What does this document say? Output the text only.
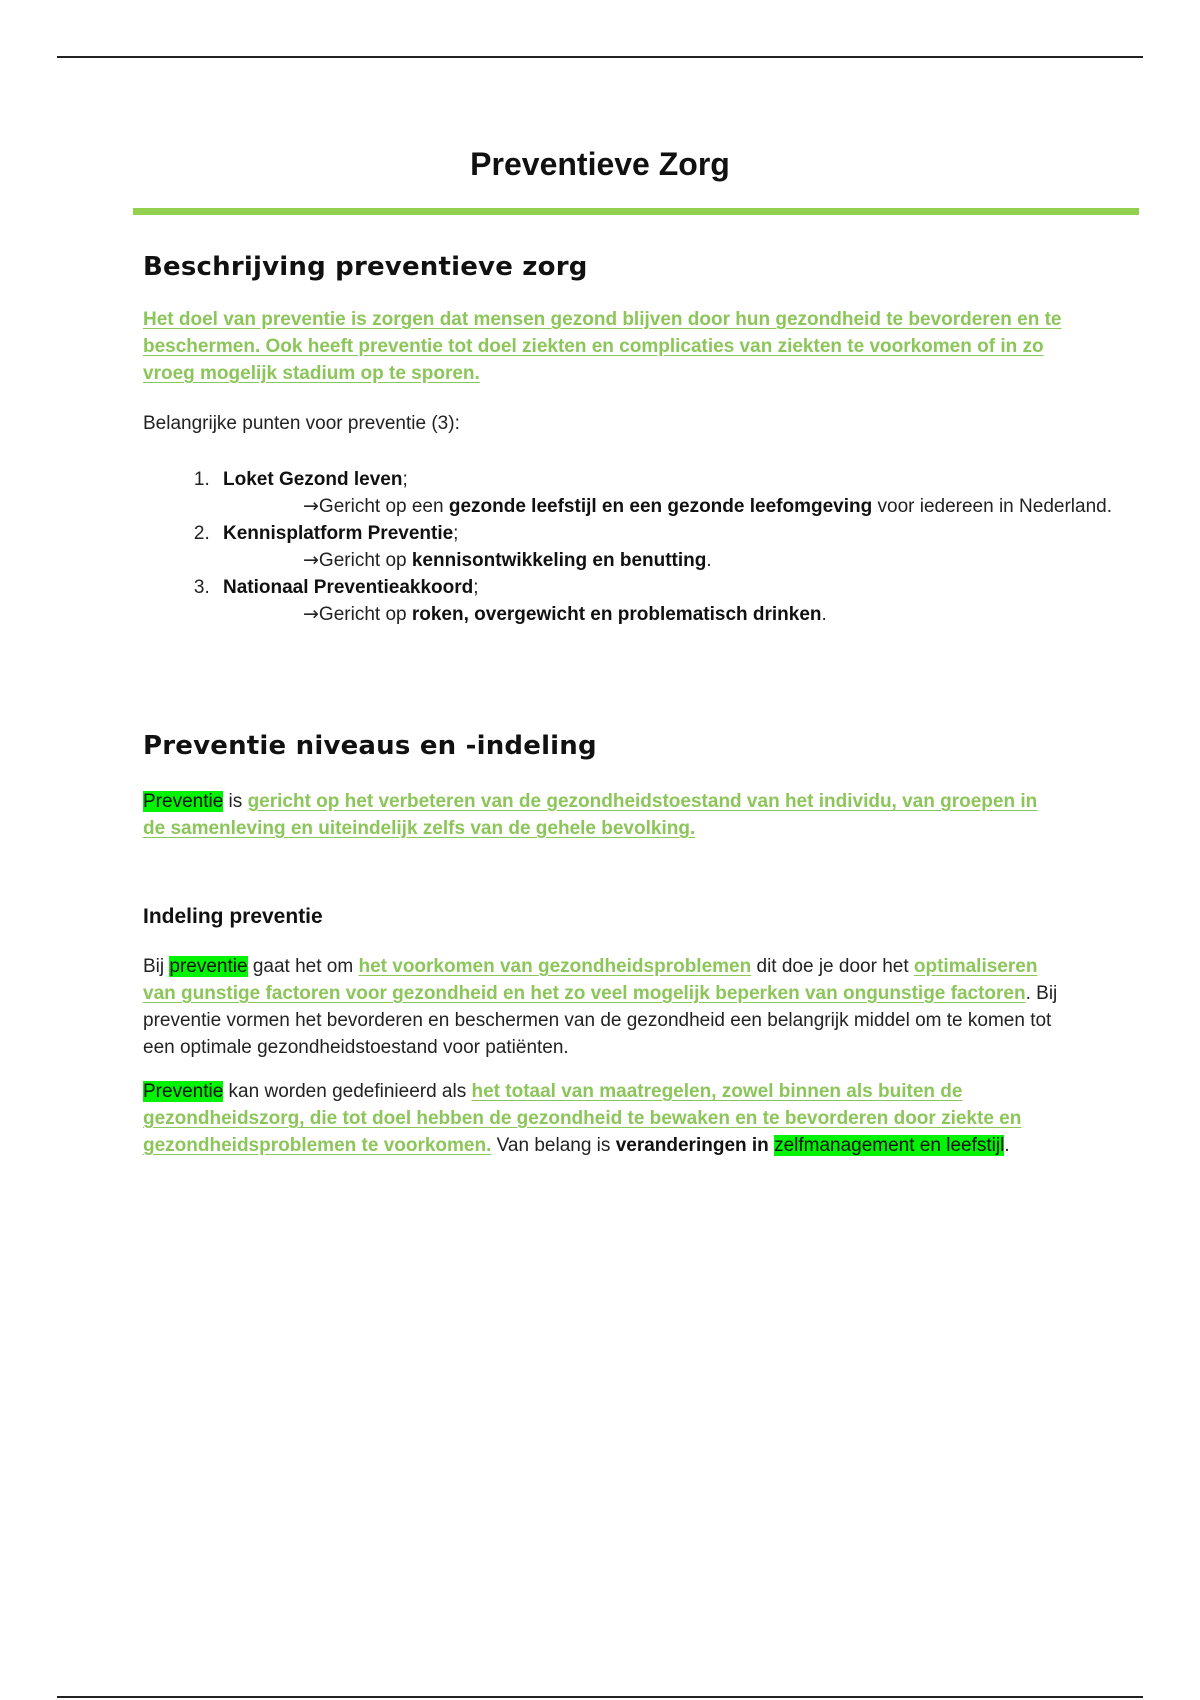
Preventieve Zorg
Beschrijving preventieve zorg
Het doel van preventie is zorgen dat mensen gezond blijven door hun gezondheid te bevorderen en te beschermen. Ook heeft preventie tot doel ziekten en complicaties van ziekten te voorkomen of in zo vroeg mogelijk stadium op te sporen.
Belangrijke punten voor preventie (3):
1. Loket Gezond leven;
→Gericht op een gezonde leefstijl en een gezonde leefomgeving voor iedereen in Nederland.
2. Kennisplatform Preventie;
→Gericht op kennisontwikkeling en benutting.
3. Nationaal Preventieakkoord;
→Gericht op roken, overgewicht en problematisch drinken.
Preventie niveaus en -indeling
Preventie is gericht op het verbeteren van de gezondheidstoestand van het individu, van groepen in de samenleving en uiteindelijk zelfs van de gehele bevolking.
Indeling preventie
Bij preventie gaat het om het voorkomen van gezondheidsproblemen dit doe je door het optimaliseren van gunstige factoren voor gezondheid en het zo veel mogelijk beperken van ongunstige factoren. Bij preventie vormen het bevorderen en beschermen van de gezondheid een belangrijk middel om te komen tot een optimale gezondheidstoestand voor patiënten.
Preventie kan worden gedefinieerd als het totaal van maatregelen, zowel binnen als buiten de gezondheidszorg, die tot doel hebben de gezondheid te bewaken en te bevorderen door ziekte en gezondheidsproblemen te voorkomen. Van belang is veranderingen in zelfmanagement en leefstijl.
